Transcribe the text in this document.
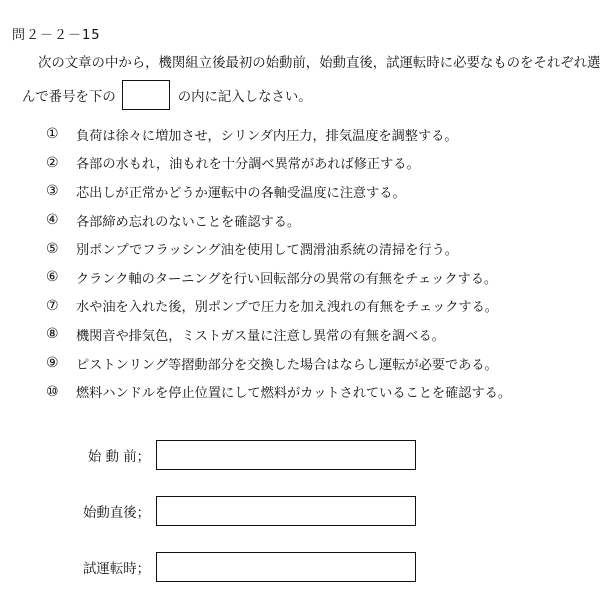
問２－２－15
次の文章の中から，機関組立後最初の始動前，始動直後，試運転時に必要なものをそれぞれ選
んで番号を下の	の内に記入しなさい。
①	負荷は徐々に増加させ，シリンダ内圧力，排気温度を調整する。
②	各部の水もれ，油もれを十分調べ異常があれば修正する。
③	芯出しが正常かどうか運転中の各軸受温度に注意する。
④	各部締め忘れのないことを確認する。
⑤	別ポンプでフラッシング油を使用して潤滑油系統の清掃を行う。
⑥	クランク軸のターニングを行い回転部分の異常の有無をチェックする。
⑦	水や油を入れた後，別ポンプで圧力を加え洩れの有無をチェックする。
⑧	機関音や排気色，ミストガス量に注意し異常の有無を調べる。
⑨	ピストンリング等摺動部分を交換した場合はならし運転が必要である。
⑩	燃料ハンドルを停止位置にして燃料がカットされていることを確認する。
始 動 前；
始動直後；
試運転時；
